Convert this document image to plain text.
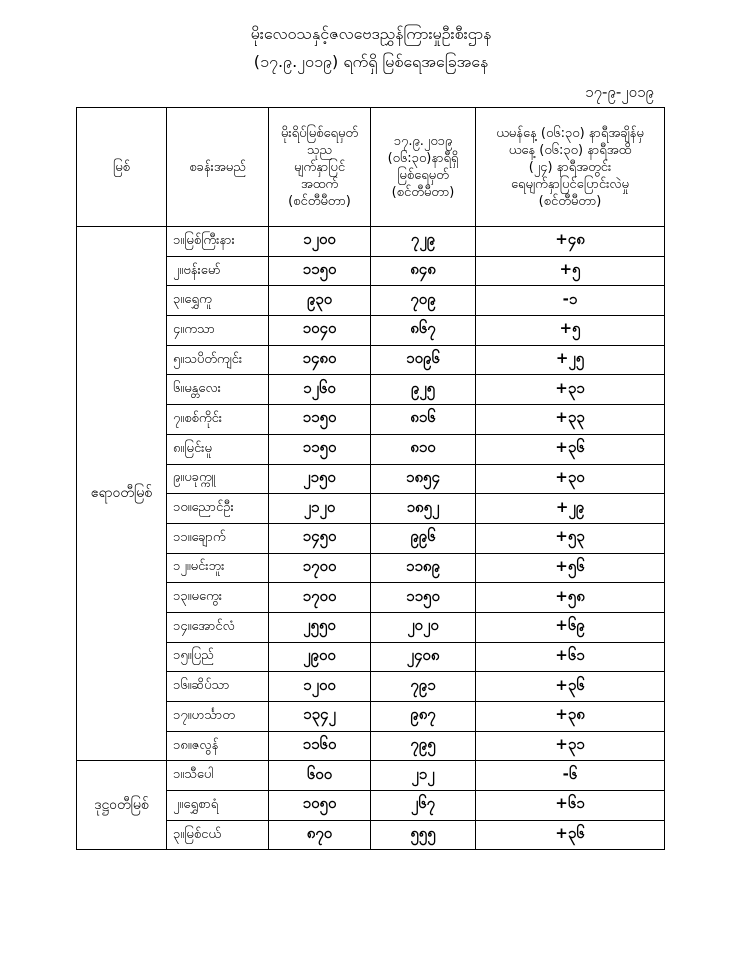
မိုးလေဝသနှင့်ဇလဗေဒညွှန်ကြားမှုဦးစီးဌာန
(၁၇.၉.၂၀၁၉) ရက်ရှိ မြစ်ရေအခြေအနေ
၁၇-၉-၂၀၁၉
မြစ်	စခန်းအမည်	မိုးရိပ်မြစ်ရေမှတ်
သုည
မျက်နှာပြင်
အထက်
(စင်တီမီတာ)	၁၇.၉.၂၀၁၉
(၀၆:၃၀)နာရီရှိ
မြစ်ရေမှတ်
(စင်တီမီတာ)	ယမန်နေ့ (၀၆:၃၀) နာရီအချိန်မှ
ယနေ့ (၀၆:၃၀) နာရီအထိ
(၂၄) နာရီအတွင်း
ရေမျက်နှာပြင်ပြောင်းလဲမှု
(စင်တီမီတာ)

ဧရာဝတီမြစ်	၁။မြစ်ကြီးနား	၁၂၀၀	၇၂၉	+၄၈
	၂။ဗန်းမော်	၁၁၅၀	၈၄၈	+၅
	၃။ရွှေကူ	၉၃၀	၇၀၉	-၁
	၄။ကသာ	၁၀၄၀	၈၆၇	+၅
	၅။သပိတ်ကျင်း	၁၄၈၀	၁၀၉၆	+၂၅
	၆။မန္တလေး	၁၂၆၀	၉၂၅	+၃၁
	၇။စစ်ကိုင်း	၁၁၅၀	၈၁၆	+၃၃
	၈။မြင်းမူ	၁၁၅၀	၈၁၀	+၃၆
	၉။ပခုက္ကူ	၂၁၅၀	၁၈၅၄	+၃၀
	၁၀။ညောင်ဦး	၂၁၂၀	၁၈၅၂	+၂၉
	၁၁။ချောက်	၁၄၅၀	၉၉၆	+၅၃
	၁၂။မင်းဘူး	၁၇၀၀	၁၁၈၉	+၅၆
	၁၃။မကွေး	၁၇၀၀	၁၁၅၀	+၅၈
	၁၄။အောင်လံ	၂၅၅၀	၂၀၂၀	+၆၉
	၁၅။ပြည်	၂၉၀၀	၂၄၀၈	+၆၁
	၁၆။ဆိပ်သာ	၁၂၀၀	၇၉၁	+၃၆
	၁၇။ဟင်္သာတ	၁၃၄၂	၉၈၇	+၃၈
	၁၈။ဇလွန်	၁၁၆၀	၇၉၅	+၃၁
ဒုဋ္ဌဝတီမြစ်	၁။သီပေါ	၆၀၀	၂၁၂	-၆
	၂။ရွှေစာရံ	၁၀၅၀	၂၆၇	+၆၁
	၃။မြစ်ငယ်	၈၇၀	၅၅၅	+၃၆
